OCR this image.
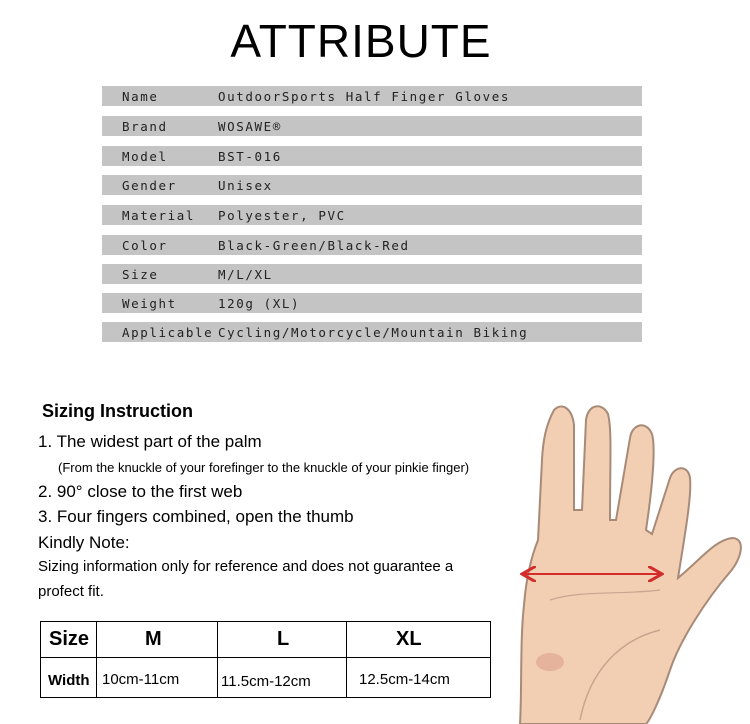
ATTRIBUTE
Name	OutdoorSports Half Finger Gloves
Brand	WOSAWE®
Model	BST-016
Gender	Unisex
Material Polyester, PVC
Color	Black-Green/Black-Red
Size	M/L/XL
Weight	120g (XL)
Applicable Cycling/Motorcycle/Mountain Biking
Sizing Instruction
1. The widest part of the palm
(From the knuckle of your forefinger to the knuckle of your pinkie finger)
2. 90° close to the first web
3. Four fingers combined, open the thumb
Kindly Note:
Sizing information only for reference and does not guarantee a
profect fit.
Size	M	L	XL
Width 10cm-11cm	11.5cm-12cm	12.5cm-14cm
